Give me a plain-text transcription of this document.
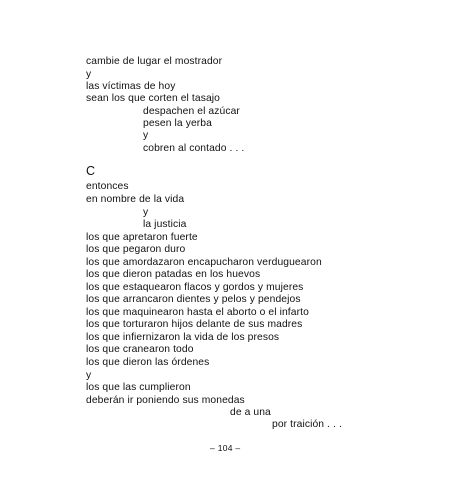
cambie de lugar el mostrador
y
las víctimas de hoy
sean los que corten el tasajo
despachen el azúcar
pesen la yerba
y
cobren al contado . . .
C
entonces
en nombre de la vida
y
la justicia
los que apretaron fuerte
los que pegaron duro
los que amordazaron encapucharon verduguearon
los que dieron patadas en los huevos
los que estaquearon flacos y gordos y mujeres
los que arrancaron dientes y pelos y pendejos
los que maquinearon hasta el aborto o el infarto
los que torturaron hijos delante de sus madres
los que infiernizaron la vida de los presos
los que cranearon todo
los que dieron las órdenes
y
los que las cumplieron
deberán ir poniendo sus monedas
de a una
por traición . . .
– 104 –
